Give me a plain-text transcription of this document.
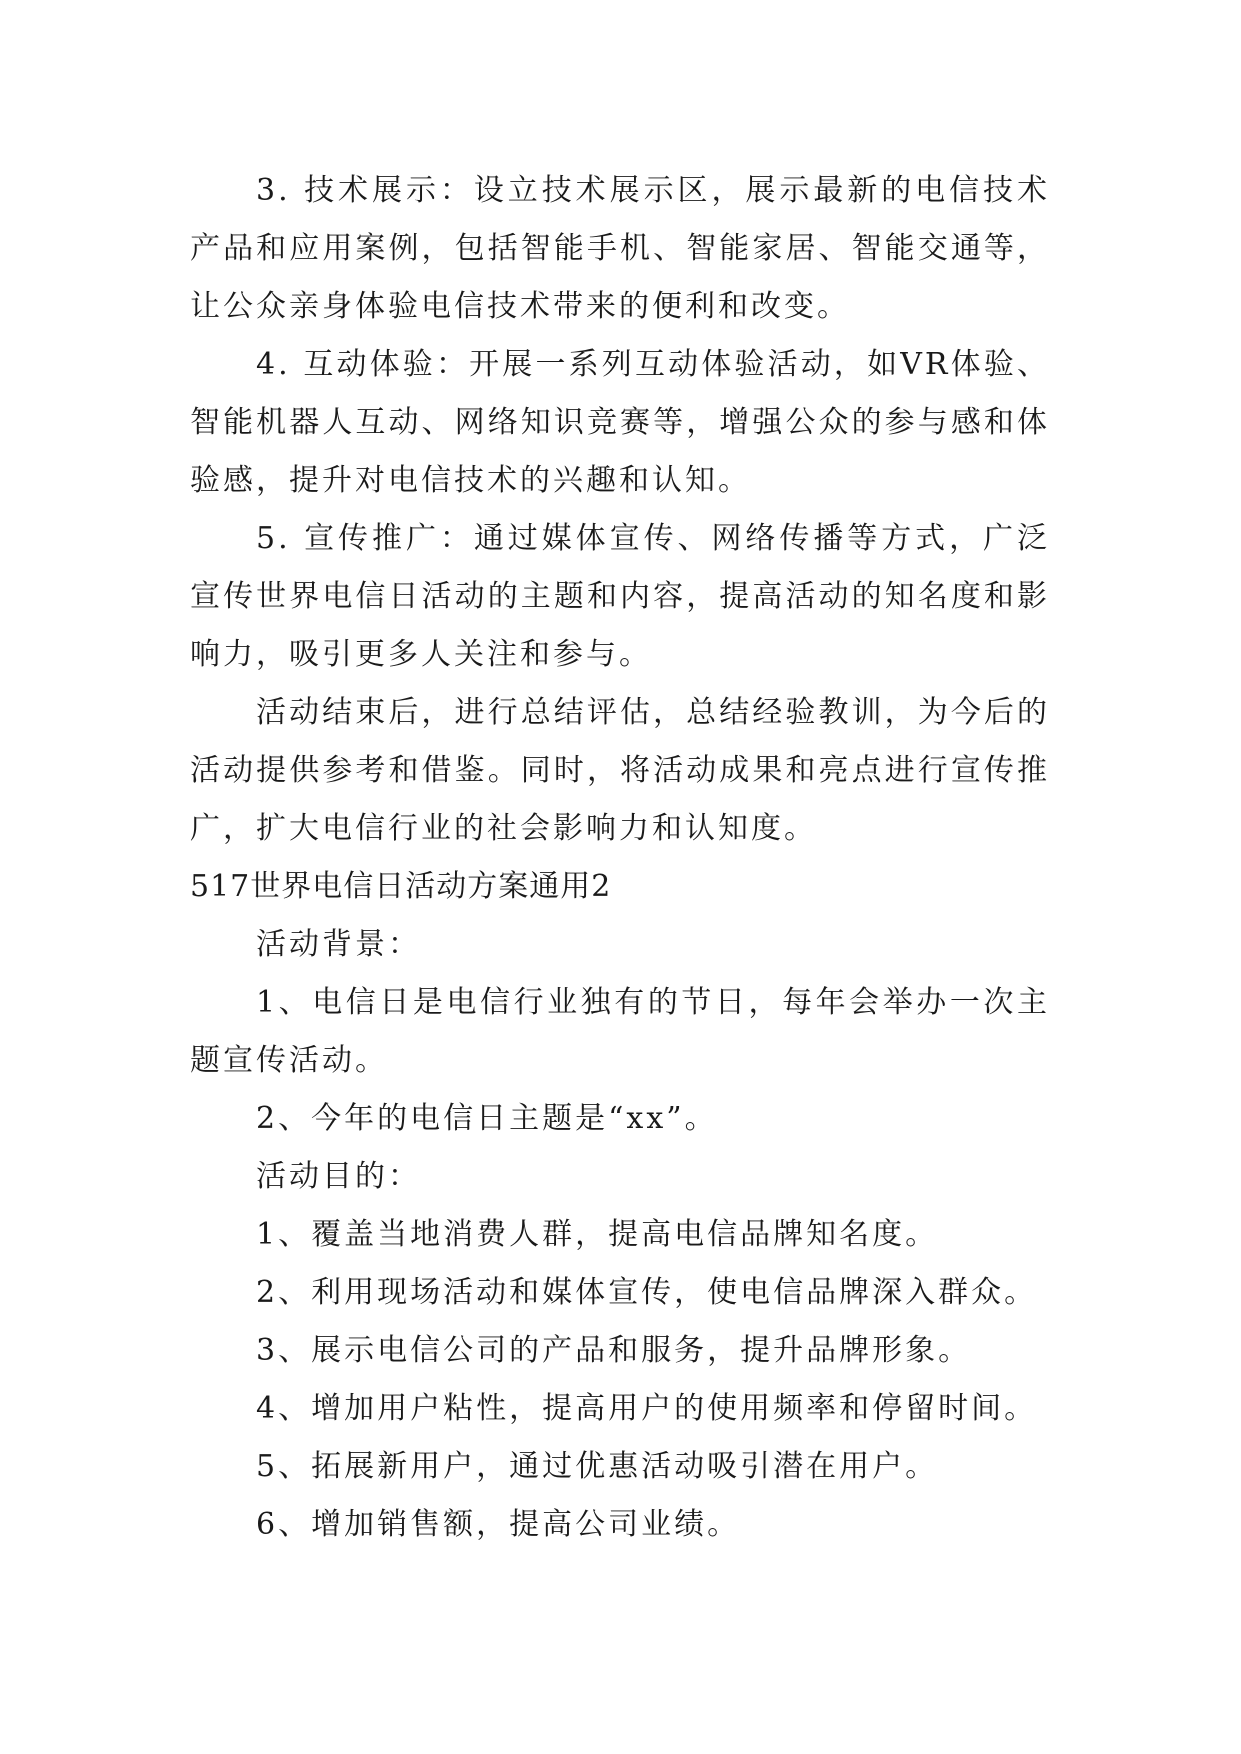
3. 技术展示：设立技术展示区，展示最新的电信技术产品和应用案例，包括智能手机、智能家居、智能交通等，让公众亲身体验电信技术带来的便利和改变。

4. 互动体验：开展一系列互动体验活动，如VR体验、智能机器人互动、网络知识竞赛等，增强公众的参与感和体验感，提升对电信技术的兴趣和认知。

5. 宣传推广：通过媒体宣传、网络传播等方式，广泛宣传世界电信日活动的主题和内容，提高活动的知名度和影响力，吸引更多人关注和参与。

活动结束后，进行总结评估，总结经验教训，为今后的活动提供参考和借鉴。同时，将活动成果和亮点进行宣传推广，扩大电信行业的社会影响力和认知度。

517世界电信日活动方案通用2

活动背景：

1、电信日是电信行业独有的节日，每年会举办一次主题宣传活动。

2、今年的电信日主题是“xx”。

活动目的：

1、覆盖当地消费人群，提高电信品牌知名度。

2、利用现场活动和媒体宣传，使电信品牌深入群众。

3、展示电信公司的产品和服务，提升品牌形象。

4、增加用户粘性，提高用户的使用频率和停留时间。

5、拓展新用户，通过优惠活动吸引潜在用户。

6、增加销售额，提高公司业绩。
